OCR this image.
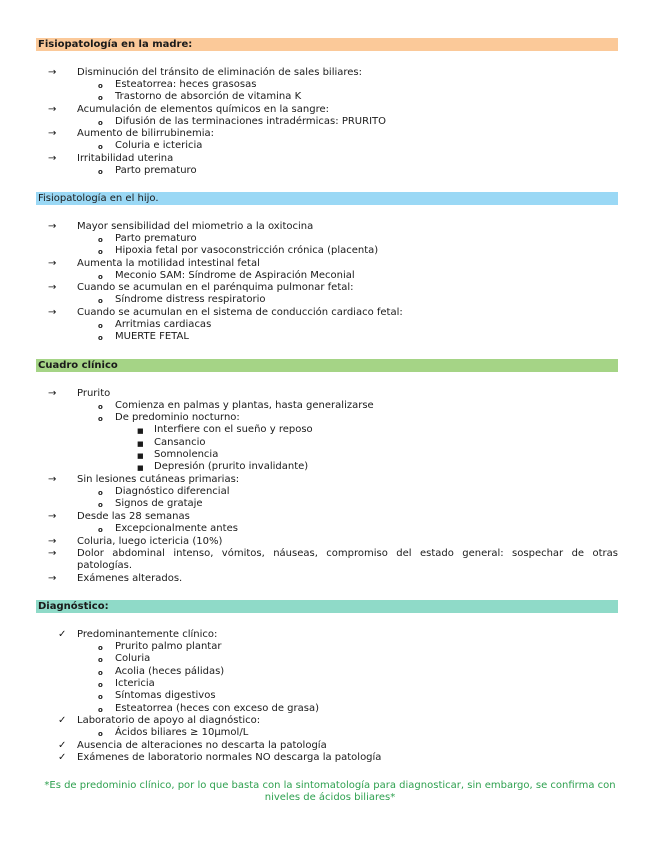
Fisiopatología en la madre:
→ Disminución del tránsito de eliminación de sales biliares:
o Esteatorrea: heces grasosas
o Trastorno de absorción de vitamina K
→ Acumulación de elementos químicos en la sangre:
o Difusión de las terminaciones intradérmicas: PRURITO
→ Aumento de bilirrubinemia:
o Coluria e ictericia
→ Irritabilidad uterina
o Parto prematuro
Fisiopatología en el hijo.
→ Mayor sensibilidad del miometrio a la oxitocina
o Parto prematuro
o Hipoxia fetal por vasoconstricción crónica (placenta)
→ Aumenta la motilidad intestinal fetal
o Meconio SAM: Síndrome de Aspiración Meconial
→ Cuando se acumulan en el parénquima pulmonar fetal:
o Síndrome distress respiratorio
→ Cuando se acumulan en el sistema de conducción cardiaco fetal:
o Arritmias cardiacas
o MUERTE FETAL
Cuadro clínico
→ Prurito
o Comienza en palmas y plantas, hasta generalizarse
o De predominio nocturno:
■ Interfiere con el sueño y reposo
■ Cansancio
■ Somnolencia
■ Depresión (prurito invalidante)
→ Sin lesiones cutáneas primarias:
o Diagnóstico diferencial
o Signos de grataje
→ Desde las 28 semanas
o Excepcionalmente antes
→ Coluria, luego ictericia (10%)
→	Dolor abdominal intenso, vómitos, náuseas, compromiso del estado general: sospechar de otras patologías.
→ Exámenes alterados.
Diagnóstico:
✓ Predominantemente clínico:
o Prurito palmo plantar
o Coluria
o Acolia (heces pálidas)
o Ictericia
o Síntomas digestivos
o Esteatorrea (heces con exceso de grasa)
✓ Laboratorio de apoyo al diagnóstico:
o Ácidos biliares ≥ 10µmol/L
✓ Ausencia de alteraciones no descarta la patología
✓ Exámenes de laboratorio normales NO descarga la patología
*Es de predominio clínico, por lo que basta con la sintomatología para diagnosticar, sin embargo, se confirma con niveles de ácidos biliares*
